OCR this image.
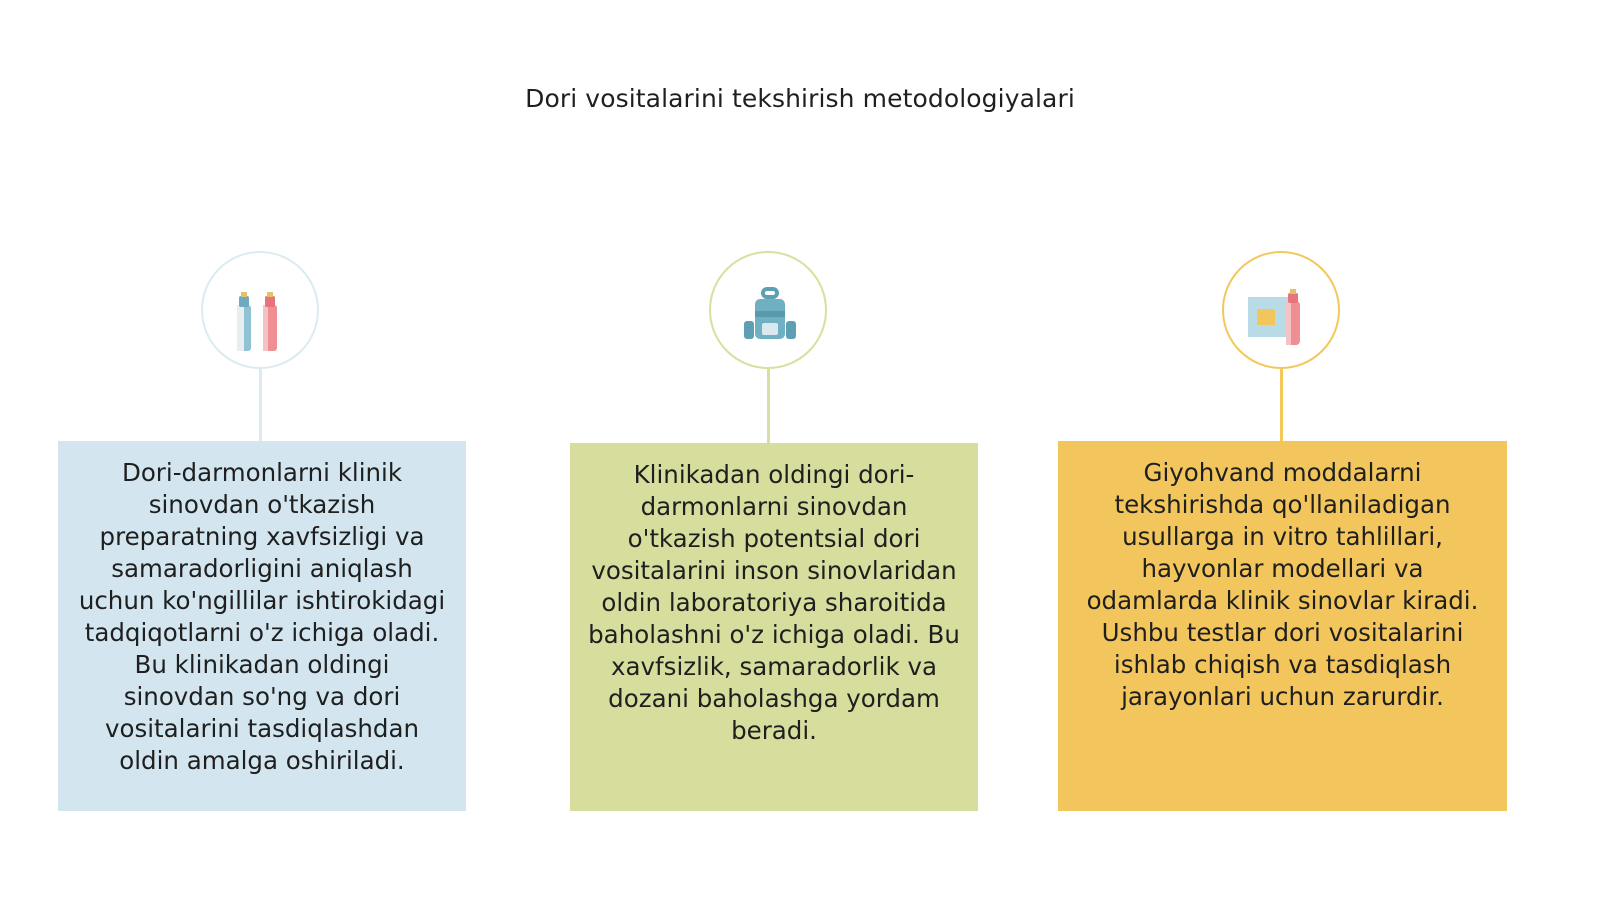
Dori vositalarini tekshirish metodologiyalari
Dori-darmonlarni klinik sinovdan o'tkazish preparatning xavfsizligi va samaradorligini aniqlash uchun ko'ngillilar ishtirokidagi tadqiqotlarni o'z ichiga oladi. Bu klinikadan oldingi sinovdan so'ng va dori vositalarini tasdiqlashdan oldin amalga oshiriladi.
Klinikadan oldingi dori-darmonlarni sinovdan o'tkazish potentsial dori vositalarini inson sinovlaridan oldin laboratoriya sharoitida baholashni o'z ichiga oladi. Bu xavfsizlik, samaradorlik va dozani baholashga yordam beradi.
Giyohvand moddalarni tekshirishda qo'llaniladigan usullarga in vitro tahlillari, hayvonlar modellari va odamlarda klinik sinovlar kiradi. Ushbu testlar dori vositalarini ishlab chiqish va tasdiqlash jarayonlari uchun zarurdir.
